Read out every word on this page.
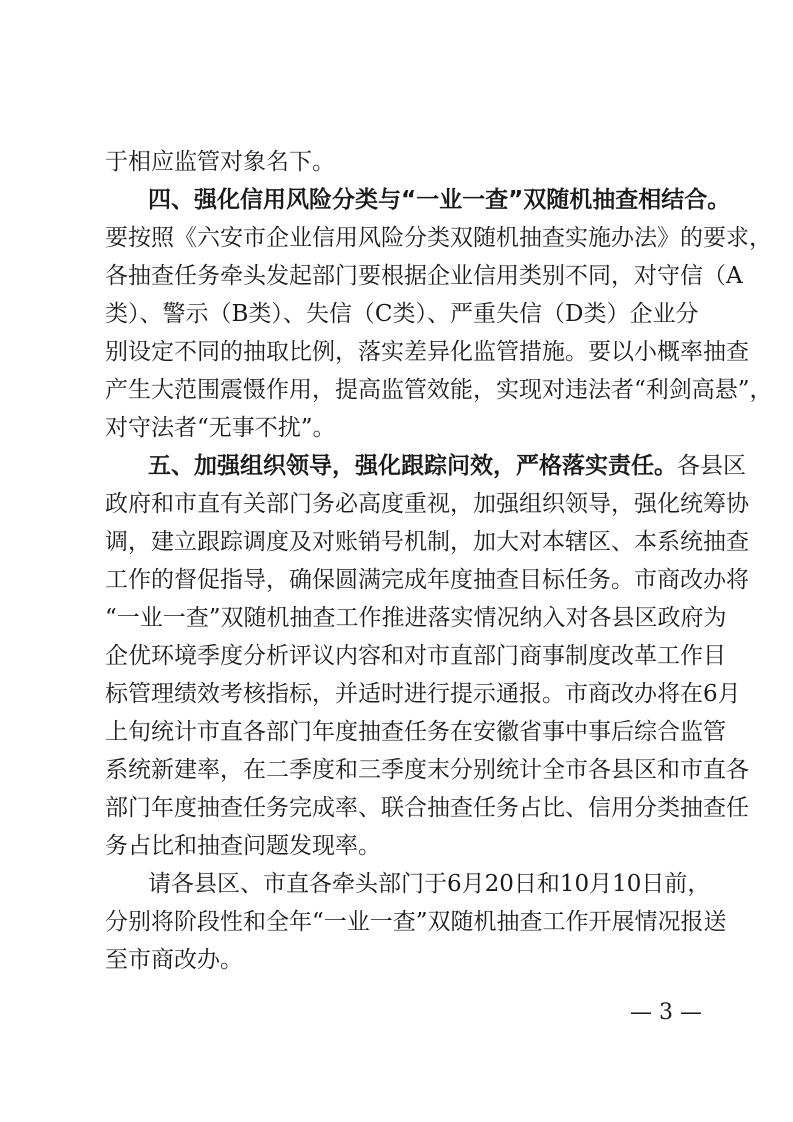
于相应监管对象名下。
四、强化信用风险分类与“一业一查”双随机抽查相结合。
要按照《六安市企业信用风险分类双随机抽查实施办法》的要求，
各抽查任务牵头发起部门要根据企业信用类别不同，对守信（A
类）、警示（B类）、失信（C类）、严重失信（D类）企业分
别设定不同的抽取比例，落实差异化监管措施。要以小概率抽查
产生大范围震慑作用，提高监管效能，实现对违法者“利剑高悬”，
对守法者“无事不扰”。
五、加强组织领导，强化跟踪问效，严格落实责任。各县区
政府和市直有关部门务必高度重视，加强组织领导，强化统筹协
调，建立跟踪调度及对账销号机制，加大对本辖区、本系统抽查
工作的督促指导，确保圆满完成年度抽查目标任务。市商改办将
“一业一查”双随机抽查工作推进落实情况纳入对各县区政府为
企优环境季度分析评议内容和对市直部门商事制度改革工作目
标管理绩效考核指标，并适时进行提示通报。市商改办将在6月
上旬统计市直各部门年度抽查任务在安徽省事中事后综合监管
系统新建率，在二季度和三季度末分别统计全市各县区和市直各
部门年度抽查任务完成率、联合抽查任务占比、信用分类抽查任
务占比和抽查问题发现率。
请各县区、市直各牵头部门于6月20日和10月10日前，
分别将阶段性和全年“一业一查”双随机抽查工作开展情况报送
至市商改办。
— 3 —
